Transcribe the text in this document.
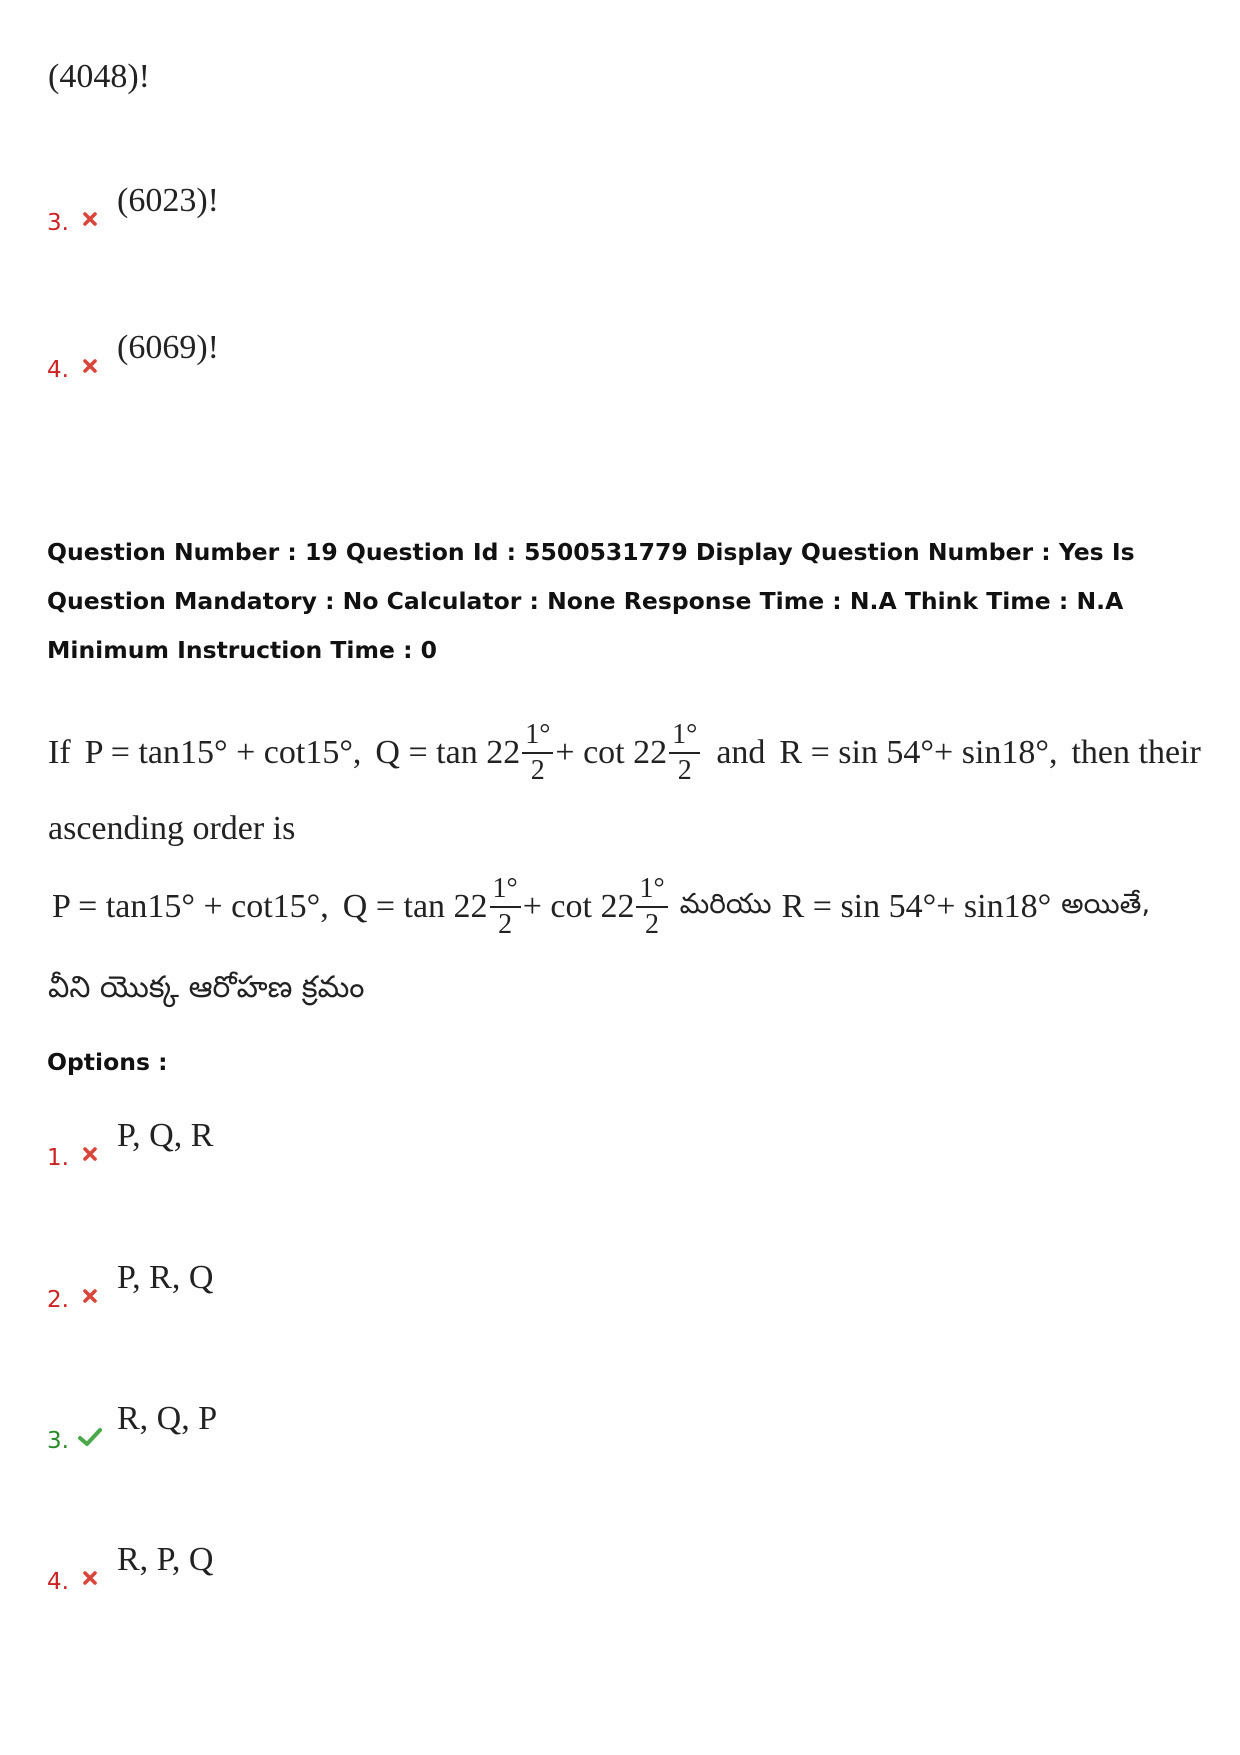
(4048)!
3.
(6023)!
4.
(6069)!
Question Number : 19 Question Id : 5500531779 Display Question Number : Yes Is Question Mandatory : No Calculator : None Response Time : N.A Think Time : N.A Minimum Instruction Time : 0
If P = tan15° + cot15°, $Q = \tan 22 \frac{1^\circ}{2} + \cot 22 \frac{1^\circ}{2}$ and R = sin 54°+ sin18°, then their
ascending order is
P = tan15° + cot15°, $Q = \tan 22 \frac{1^\circ}{2} + \cot 22 \frac{1^\circ}{2}$ మరియు R = sin 54°+ sin18° అయితే,
వీని యొక్క ఆరోహణ క్రమం
Options :
1.
P, Q, R
2.
P, R, Q
3.
R, Q, P
4.
R, P, Q
